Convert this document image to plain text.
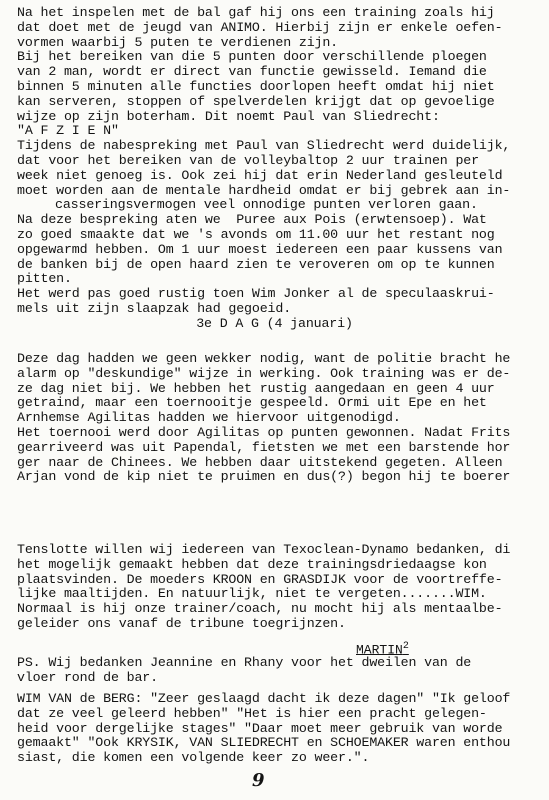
Na het inspelen met de bal gaf hij ons een training zoals hij
dat doet met de jeugd van ANIMO. Hierbij zijn er enkele oefen-
vormen waarbij 5 puten te verdienen zijn.
Bij het bereiken van die 5 punten door verschillende ploegen
van 2 man, wordt er direct van functie gewisseld. Iemand die
binnen 5 minuten alle functies doorlopen heeft omdat hij niet
kan serveren, stoppen of spelverdelen krijgt dat op gevoelige
wijze op zijn boterham. Dit noemt Paul van Sliedrecht:
"A F Z I E N"
Tijdens de nabespreking met Paul van Sliedrecht werd duidelijk,
dat voor het bereiken van de volleybaltop 2 uur trainen per
week niet genoeg is. Ook zei hij dat erin Nederland gesleuteld
moet worden aan de mentale hardheid omdat er bij gebrek aan in-
casseringsvermogen veel onnodige punten verloren gaan.
Na deze bespreking aten we  Puree aux Pois (erwtensoep). Wat
zo goed smaakte dat we 's avonds om 11.00 uur het restant nog
opgewarmd hebben. Om 1 uur moest iedereen een paar kussens van
de banken bij de open haard zien te veroveren om op te kunnen
pitten.
Het werd pas goed rustig toen Wim Jonker al de speculaaskrui-
mels uit zijn slaapzak had gegoeid.
3e D A G (4 januari)
Deze dag hadden we geen wekker nodig, want de politie bracht he
alarm op "deskundige" wijze in werking. Ook training was er de-
ze dag niet bij. We hebben het rustig aangedaan en geen 4 uur
getraind, maar een toernooitje gespeeld. Ormi uit Epe en het
Arnhemse Agilitas hadden we hiervoor uitgenodigd.
Het toernooi werd door Agilitas op punten gewonnen. Nadat Frits
gearriveerd was uit Papendal, fietsten we met een barstende hor
ger naar de Chinees. We hebben daar uitstekend gegeten. Alleen
Arjan vond de kip niet te pruimen en dus(?) begon hij te boerer
Tenslotte willen wij iedereen van Texoclean-Dynamo bedanken, di
het mogelijk gemaakt hebben dat deze trainingsdriedaagse kon
plaatsvinden. De moeders KROON en GRASDIJK voor de voortreffe-
lijke maaltijden. En natuurlijk, niet te vergeten.......WIM.
Normaal is hij onze trainer/coach, nu mocht hij als mentaalbe-
geleider ons vanaf de tribune toegrijnzen.
MARTIN$^2$
PS. Wij bedanken Jeannine en Rhany voor het dweilen van de
vloer rond de bar.
WIM VAN de BERG: "Zeer geslaagd dacht ik deze dagen" "Ik geloof
dat ze veel geleerd hebben" "Het is hier een pracht gelegen-
heid voor dergelijke stages" "Daar moet meer gebruik van worde
gemaakt" "Ook KRYSIK, VAN SLIEDRECHT en SCHOEMAKER waren enthou
siast, die komen een volgende keer zo weer.".
9
